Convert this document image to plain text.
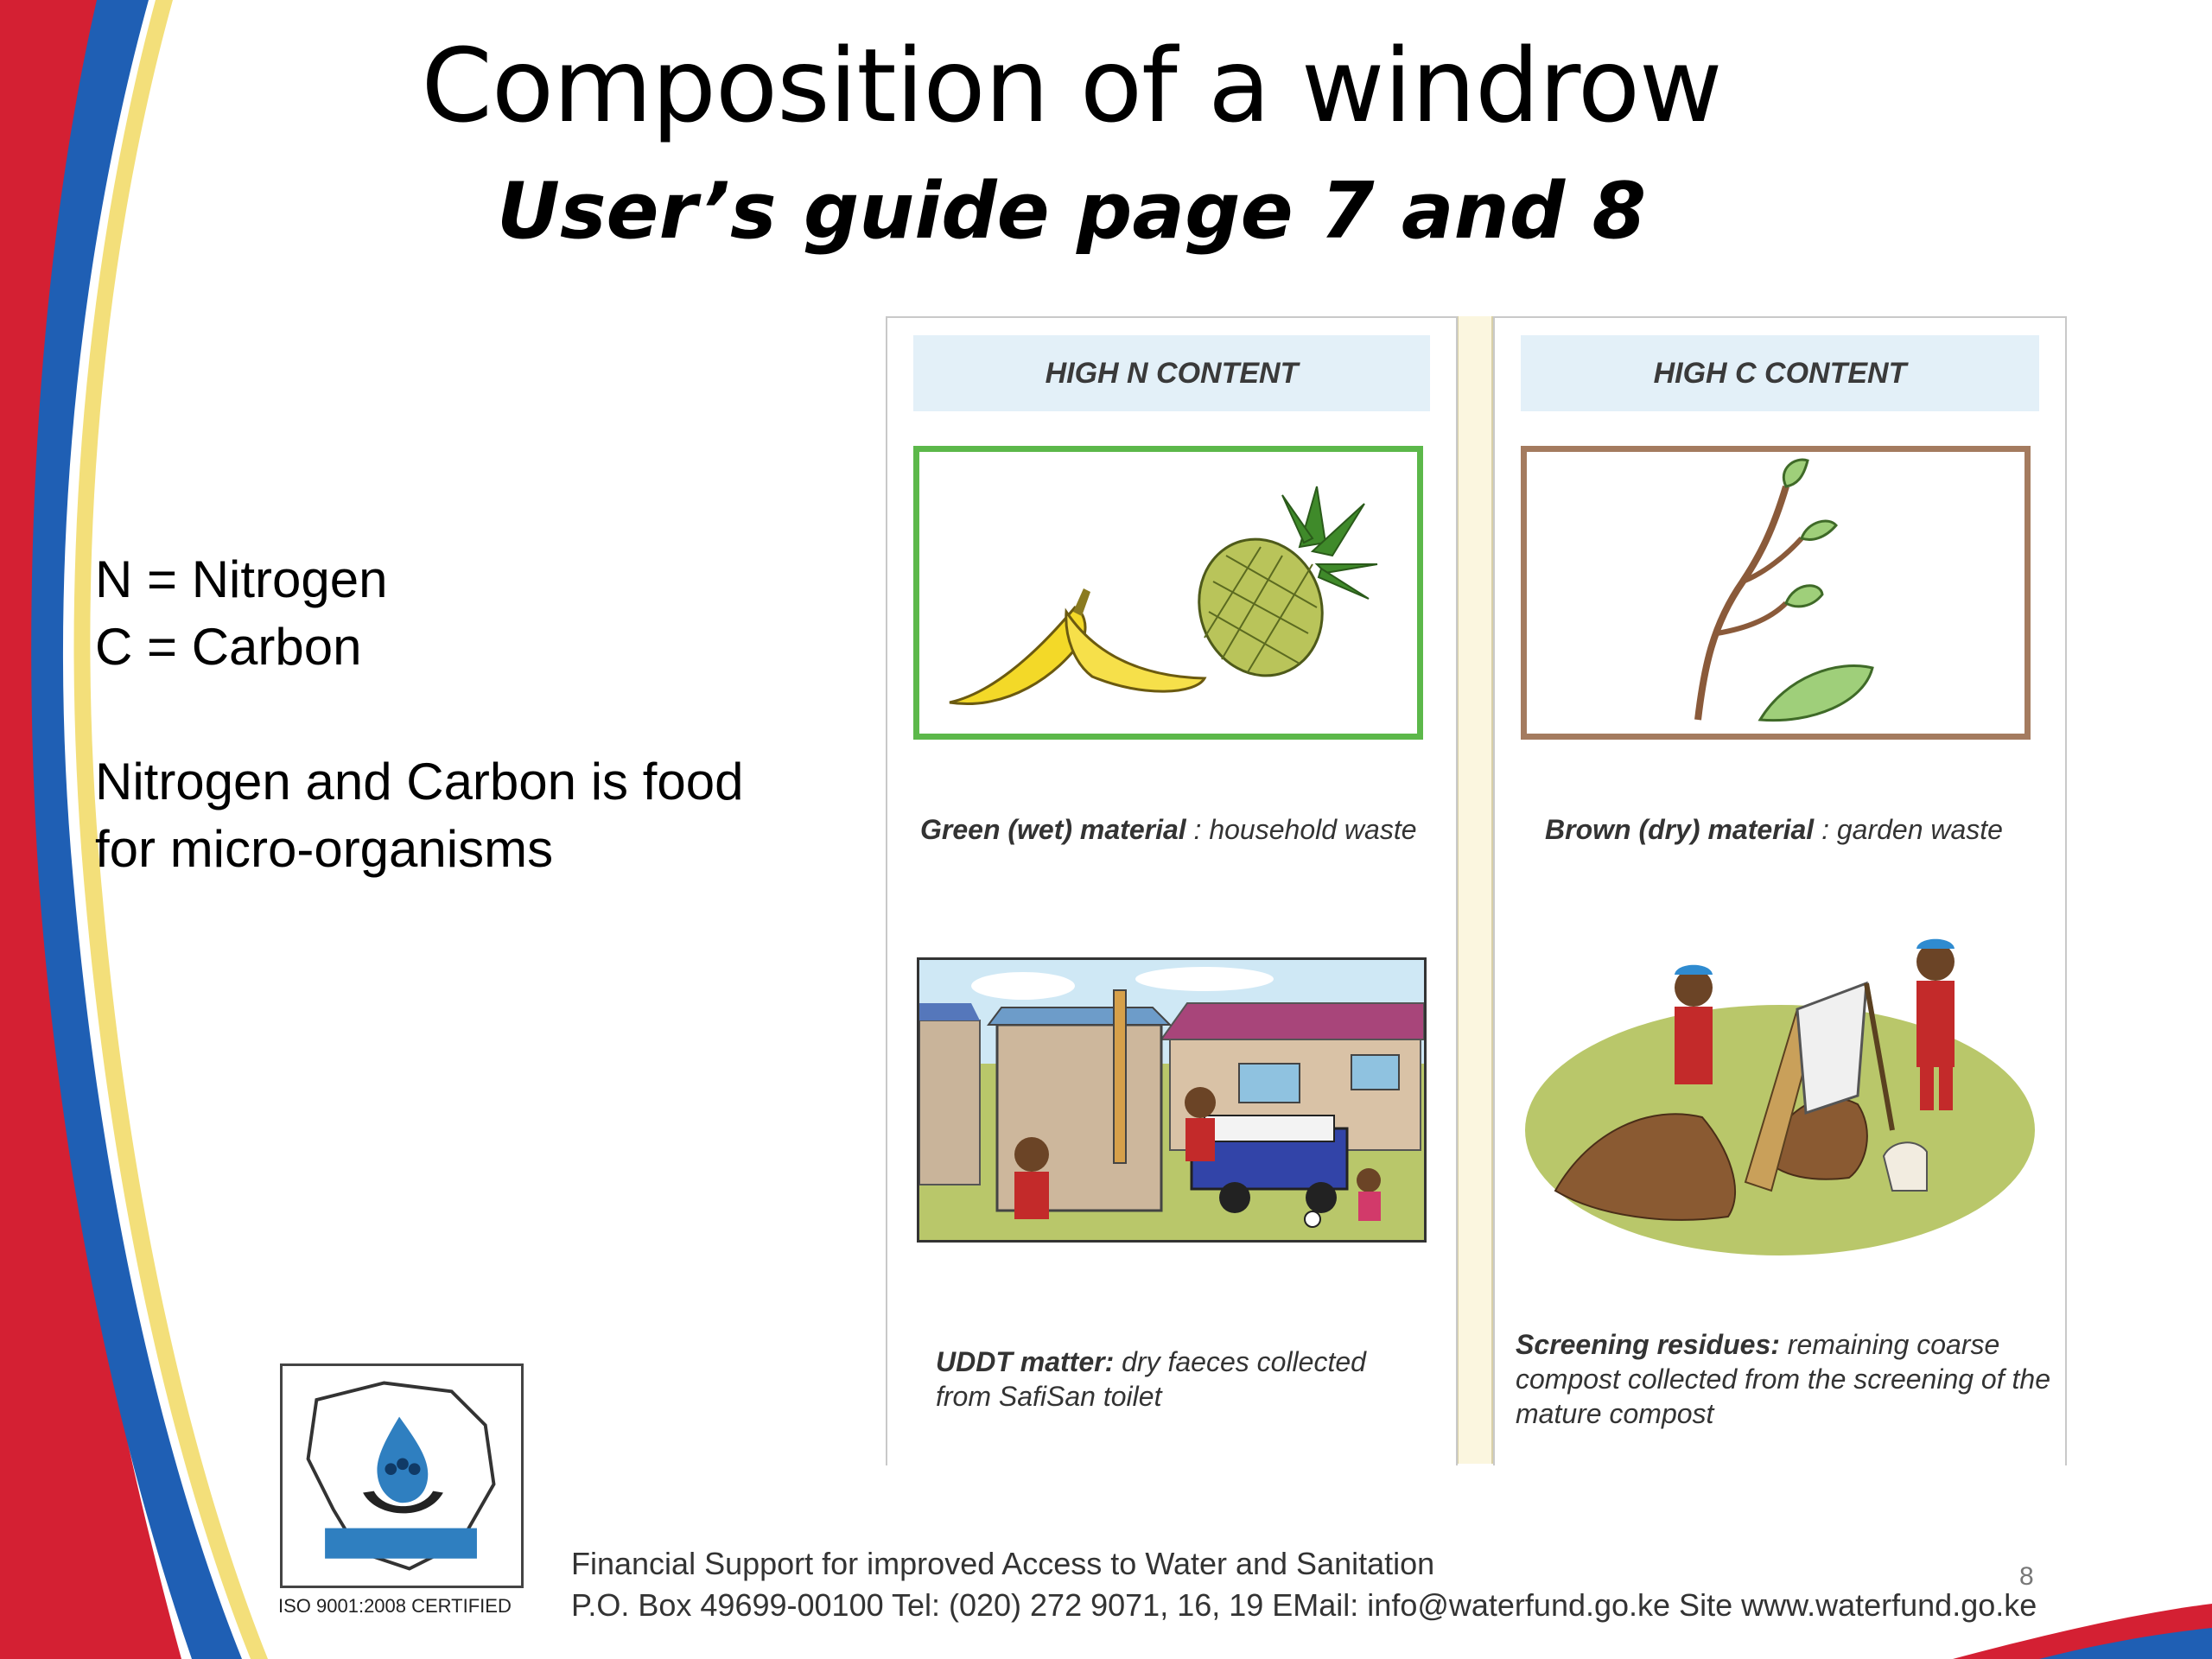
Composition of a windrow
User’s guide page 7 and 8

N = Nitrogen

C = Carbon

Nitrogen and Carbon is food

for micro-organisms

HIGH N CONTENT
Green (wet) material : household waste
UDDT matter: dry faeces collected from SafiSan toilet
HIGH C CONTENT
Brown (dry) material : garden waste
Screening residues: remaining coarse compost collected from the screening of the mature compost
ISO 9001:2008 CERTIFIED

Financial Support for improved Access to Water and Sanitation

P.O. Box 49699-00100 Tel: (020) 272 9071, 16, 19 EMail: info@waterfund.go.ke Site www.waterfund.go.ke

8
